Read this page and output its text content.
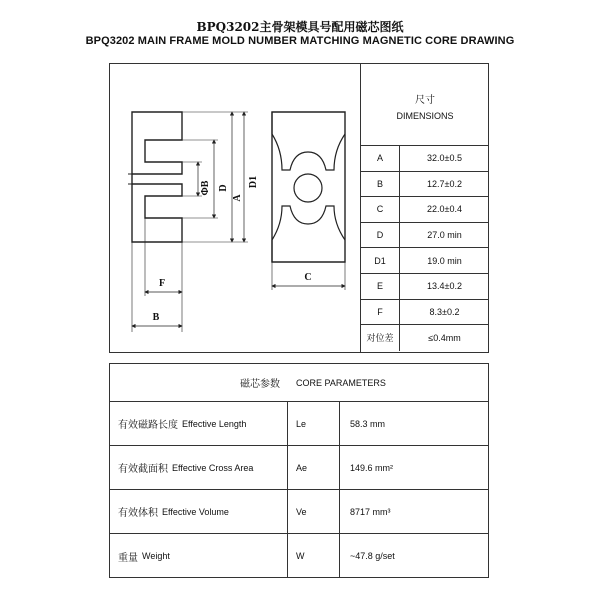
BPQ3202主骨架模具号配用磁芯图纸
BPQ3202 MAIN FRAME MOLD NUMBER MATCHING MAGNETIC CORE DRAWING
ΦB D D1
A
F
B
C
尺寸
DIMENSIONS
A	32.0±0.5
B	12.7±0.2
C	22.0±0.4
D	27.0 min
D1	19.0 min
E	13.4±0.2
F	8.3±0.2
对位差	≤0.4mm
磁芯参数 CORE PARAMETERS
有效磁路长度 Effective Length	Le	58.3 mm
有效截面积 Effective Cross Area	Ae	149.6 mm²
有效体积 Effective Volume	Ve	8717 mm³
重量 Weight	W	~47.8 g/set
